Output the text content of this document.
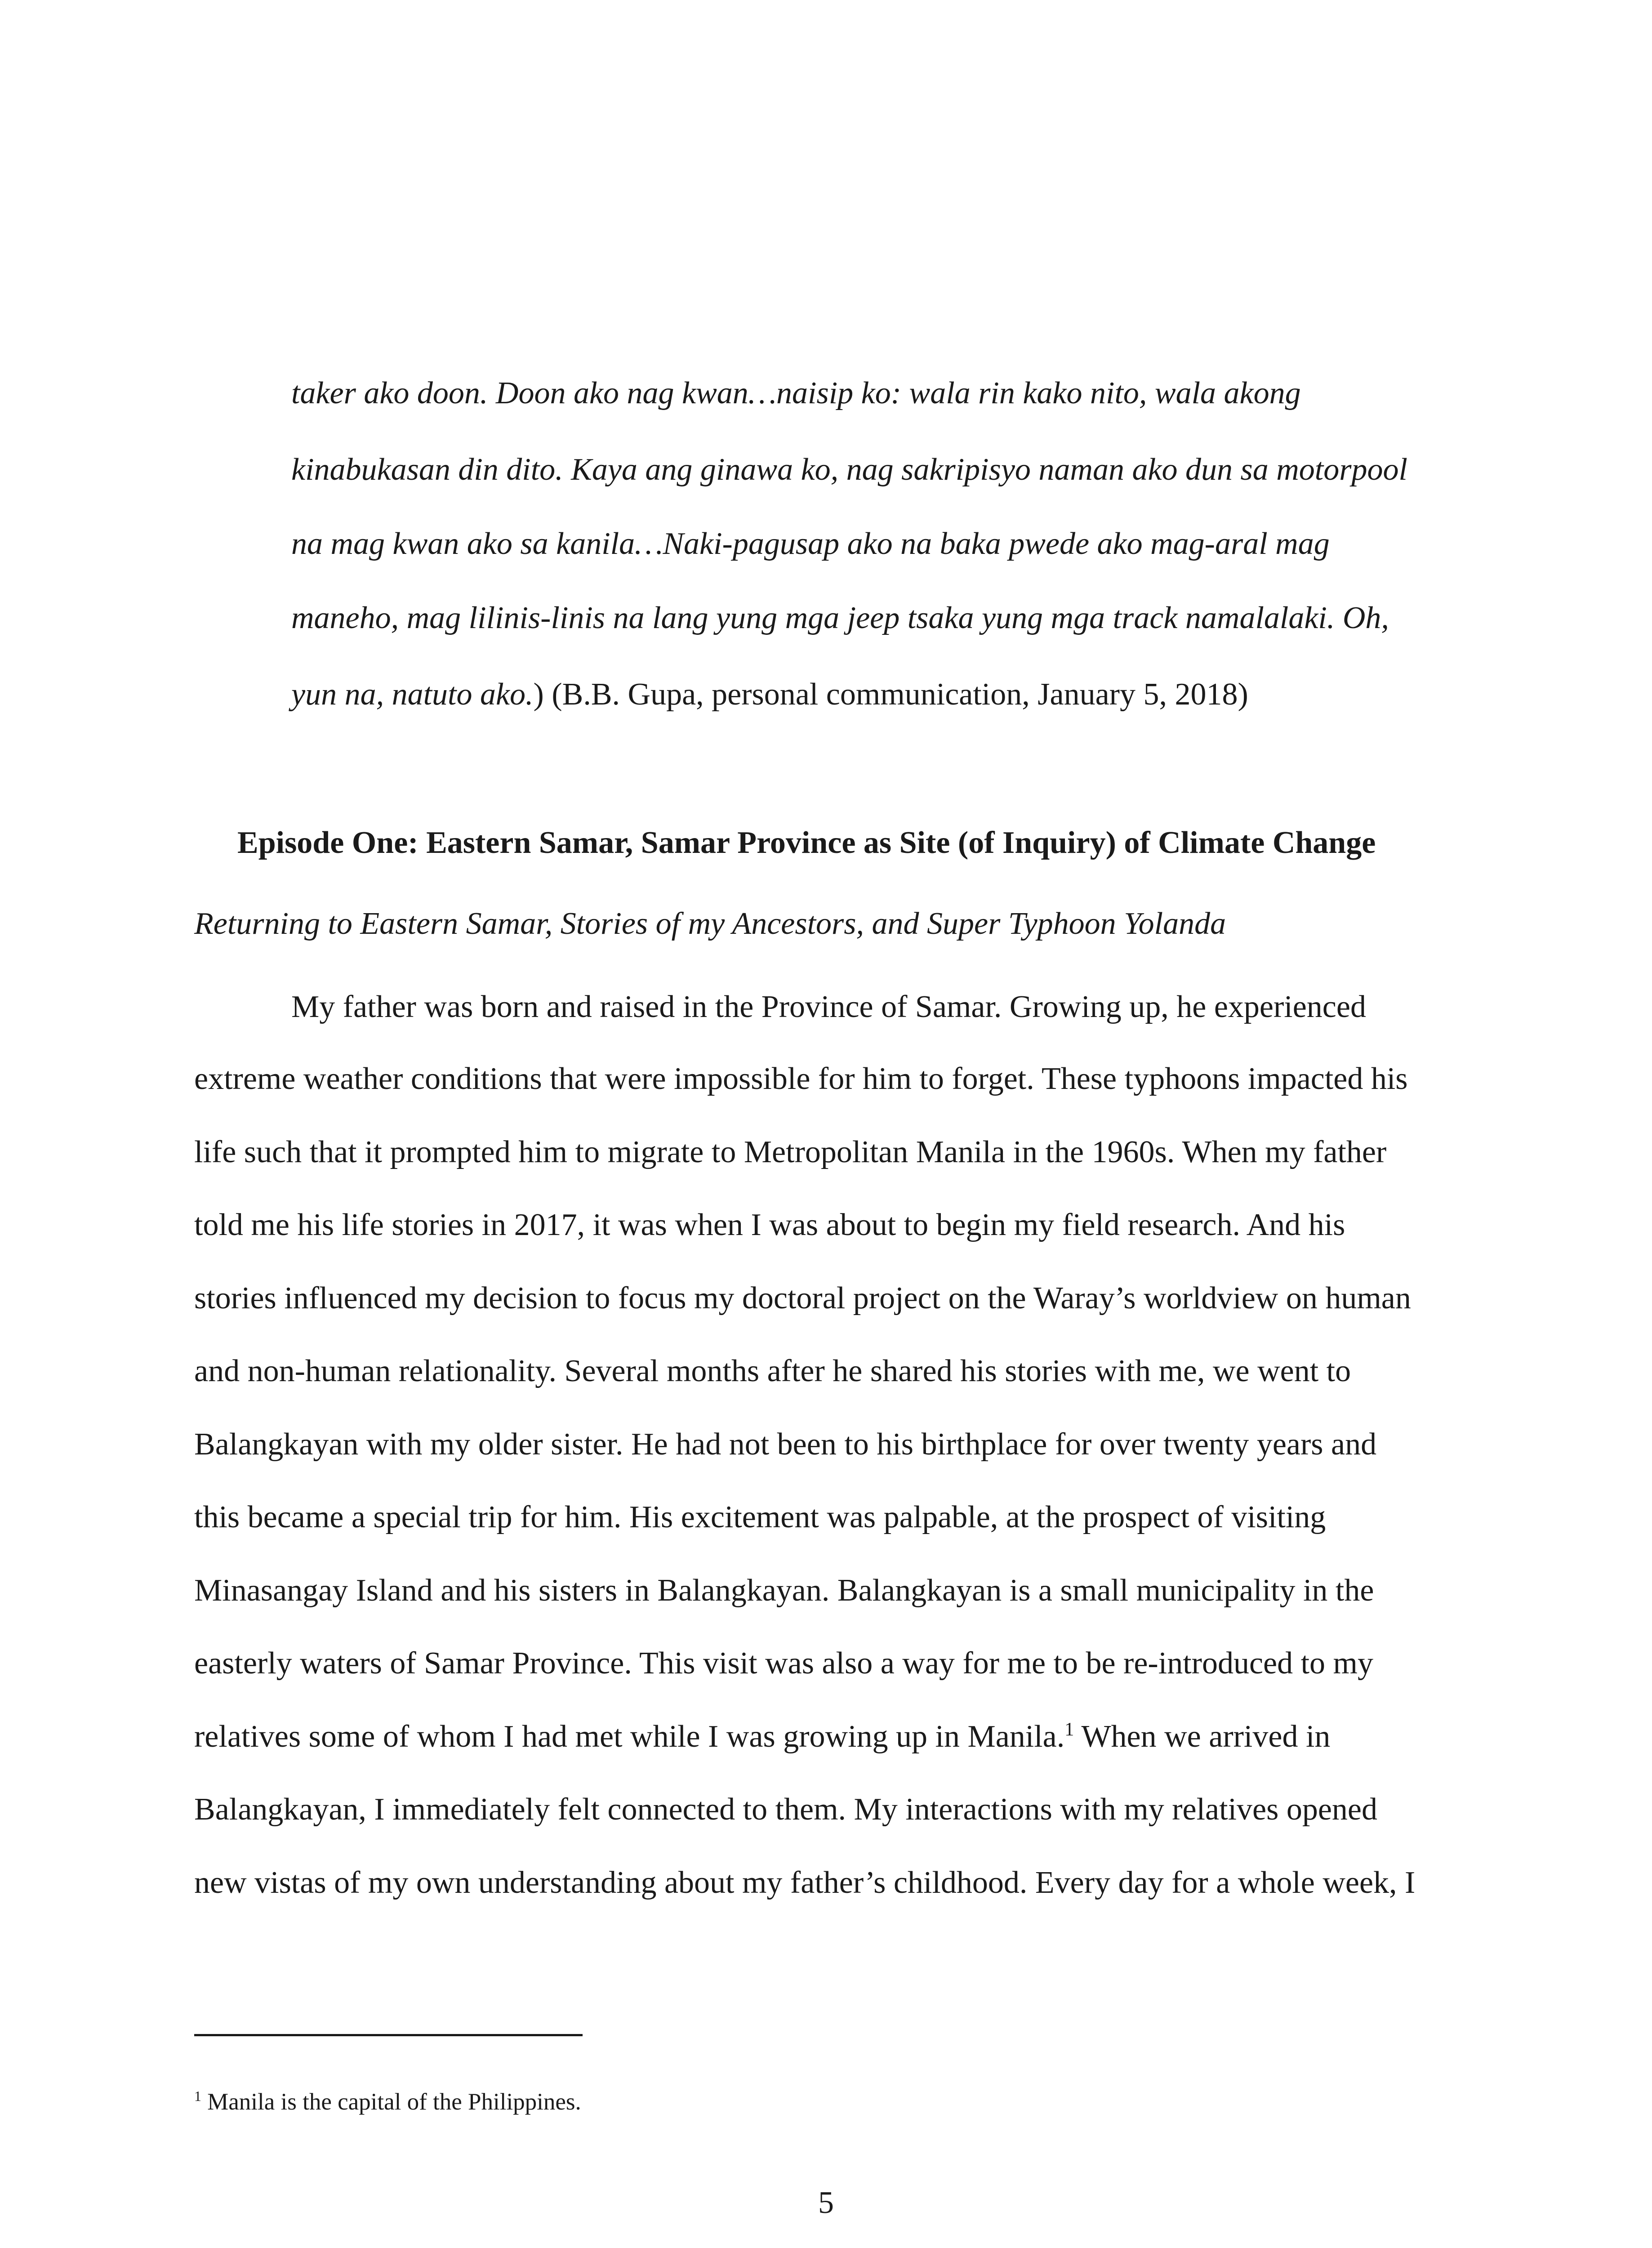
taker ako doon. Doon ako nag kwan…naisip ko: wala rin kako nito, wala akong
kinabukasan din dito. Kaya ang ginawa ko, nag sakripisyo naman ako dun sa motorpool
na mag kwan ako sa kanila…Naki-pagusap ako na baka pwede ako mag-aral mag
maneho, mag lilinis-linis na lang yung mga jeep tsaka yung mga track namalalaki. Oh,
yun na, natuto ako.) (B.B. Gupa, personal communication, January 5, 2018)
Episode One: Eastern Samar, Samar Province as Site (of Inquiry) of Climate Change
Returning to Eastern Samar, Stories of my Ancestors, and Super Typhoon Yolanda
My father was born and raised in the Province of Samar. Growing up, he experienced
extreme weather conditions that were impossible for him to forget. These typhoons impacted his
life such that it prompted him to migrate to Metropolitan Manila in the 1960s. When my father
told me his life stories in 2017, it was when I was about to begin my field research. And his
stories influenced my decision to focus my doctoral project on the Waray’s worldview on human
and non-human relationality. Several months after he shared his stories with me, we went to
Balangkayan with my older sister. He had not been to his birthplace for over twenty years and
this became a special trip for him. His excitement was palpable, at the prospect of visiting
Minasangay Island and his sisters in Balangkayan. Balangkayan is a small municipality in the
easterly waters of Samar Province. This visit was also a way for me to be re-introduced to my
relatives some of whom I had met while I was growing up in Manila.$^1$ When we arrived in
Balangkayan, I immediately felt connected to them. My interactions with my relatives opened
new vistas of my own understanding about my father’s childhood. Every day for a whole week, I
$^1$ Manila is the capital of the Philippines.
5
